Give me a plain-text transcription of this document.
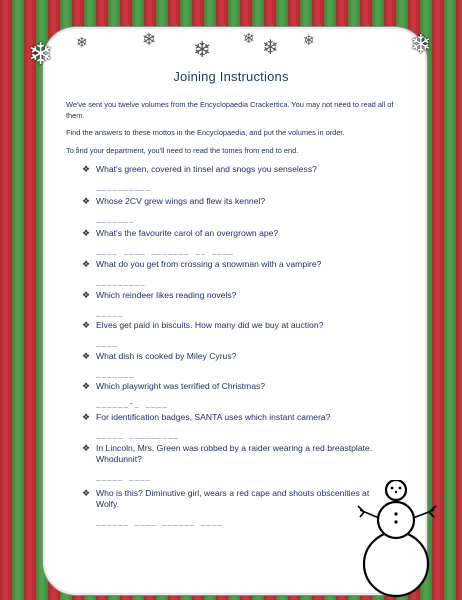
❄	❄
❄	❄ ❄ ❄ ❄ ❄
Joining Instructions

We've sent you twelve volumes from the Encyclopaedia Crackertica. You may not need to read all of them.

Find the answers to these mottos in the Encyclopaedia, and put the volumes in order.

To find your department, you'll need to read the tomes from end to end.

❖ What's green, covered in tinsel and snogs you senseless?
__________
❖ Whose 2CV grew wings and flew its kennel?
_______
❖ What's the favourite carol of an overgrown ape?
____ ____ _______ __ ____
❖ What do you get from crossing a snowman with a vampire?
_________
❖ Which reindeer likes reading novels?
_____
❖ Elves get paid in biscuits. How many did we buy at auction?
____
❖ What dish is cooked by Miley Cyrus?
_______
❖ Which playwright was terrified of Christmas?
______-_ ____
❖ For identification badges, SANTA uses which instant camera?
_____ _________
❖ In Lincoln, Mrs. Green was robbed by a raider wearing a red breastplate. Whodunnit?
_____ ____
❖ Who is this? Diminutive girl, wears a red cape and shouts obscenities at Wolfy.
______ ____ ______ ____
